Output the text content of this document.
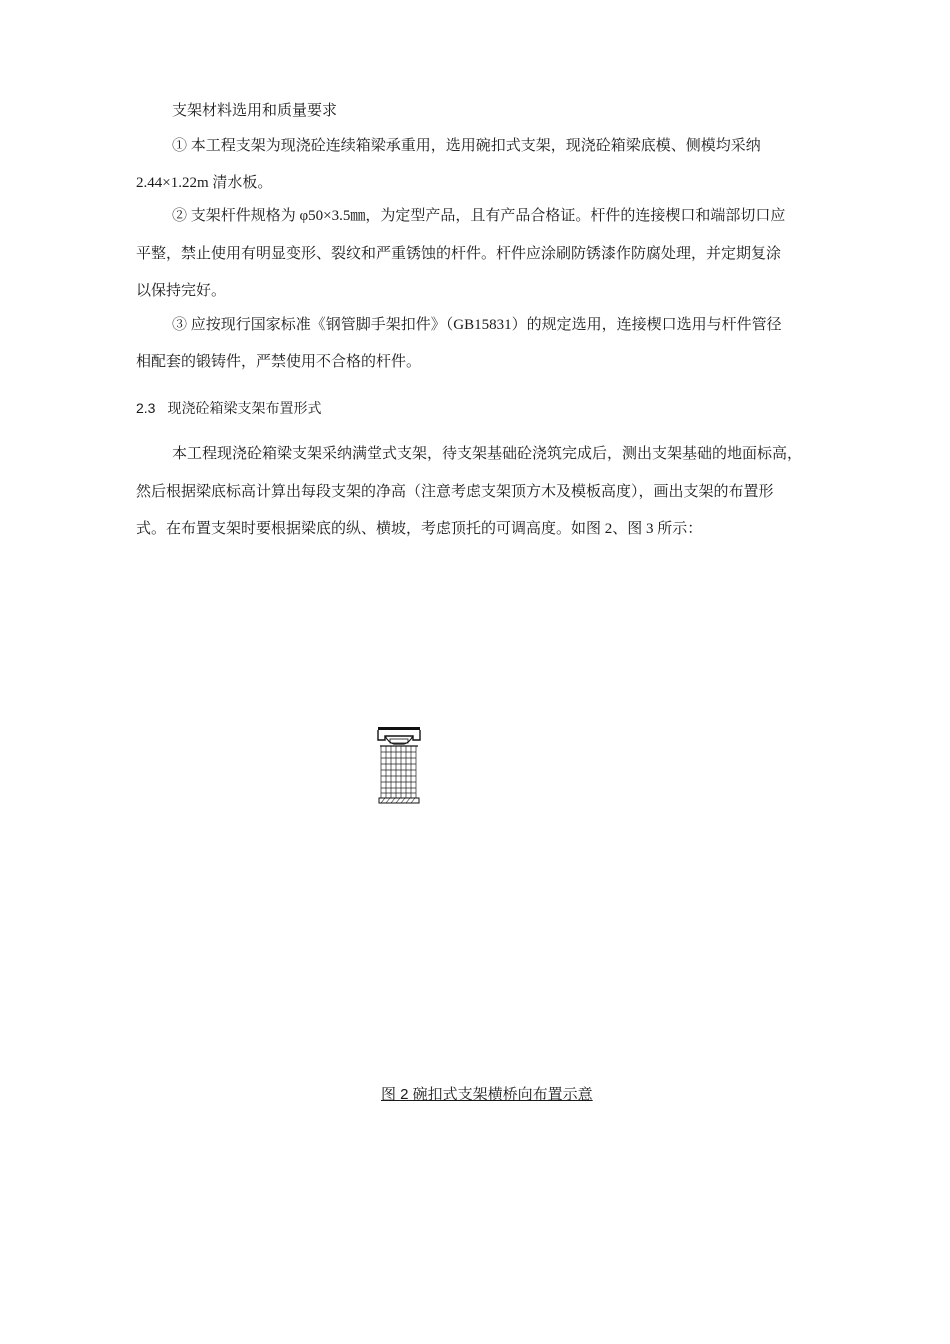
支架材料选用和质量要求
① 本工程支架为现浇砼连续箱梁承重用，选用碗扣式支架，现浇砼箱梁底模、侧模均采纳
2.44×1.22m 清水板。
② 支架杆件规格为 φ50×3.5㎜，为定型产品，且有产品合格证。杆件的连接楔口和端部切口应
平整，禁止使用有明显变形、裂纹和严重锈蚀的杆件。杆件应涂刷防锈漆作防腐处理，并定期复涂
以保持完好。
③ 应按现行国家标准《钢管脚手架扣件》（GB15831）的规定选用，连接楔口选用与杆件管径
相配套的锻铸件，严禁使用不合格的杆件。
2.3 现浇砼箱梁支架布置形式
本工程现浇砼箱梁支架采纳满堂式支架，待支架基础砼浇筑完成后，测出支架基础的地面标高，
然后根据梁底标高计算出每段支架的净高（注意考虑支架顶方木及模板高度），画出支架的布置形
式。在布置支架时要根据梁底的纵、横坡，考虑顶托的可调高度。如图 2、图 3 所示：
图 2 碗扣式支架横桥向布置示意
